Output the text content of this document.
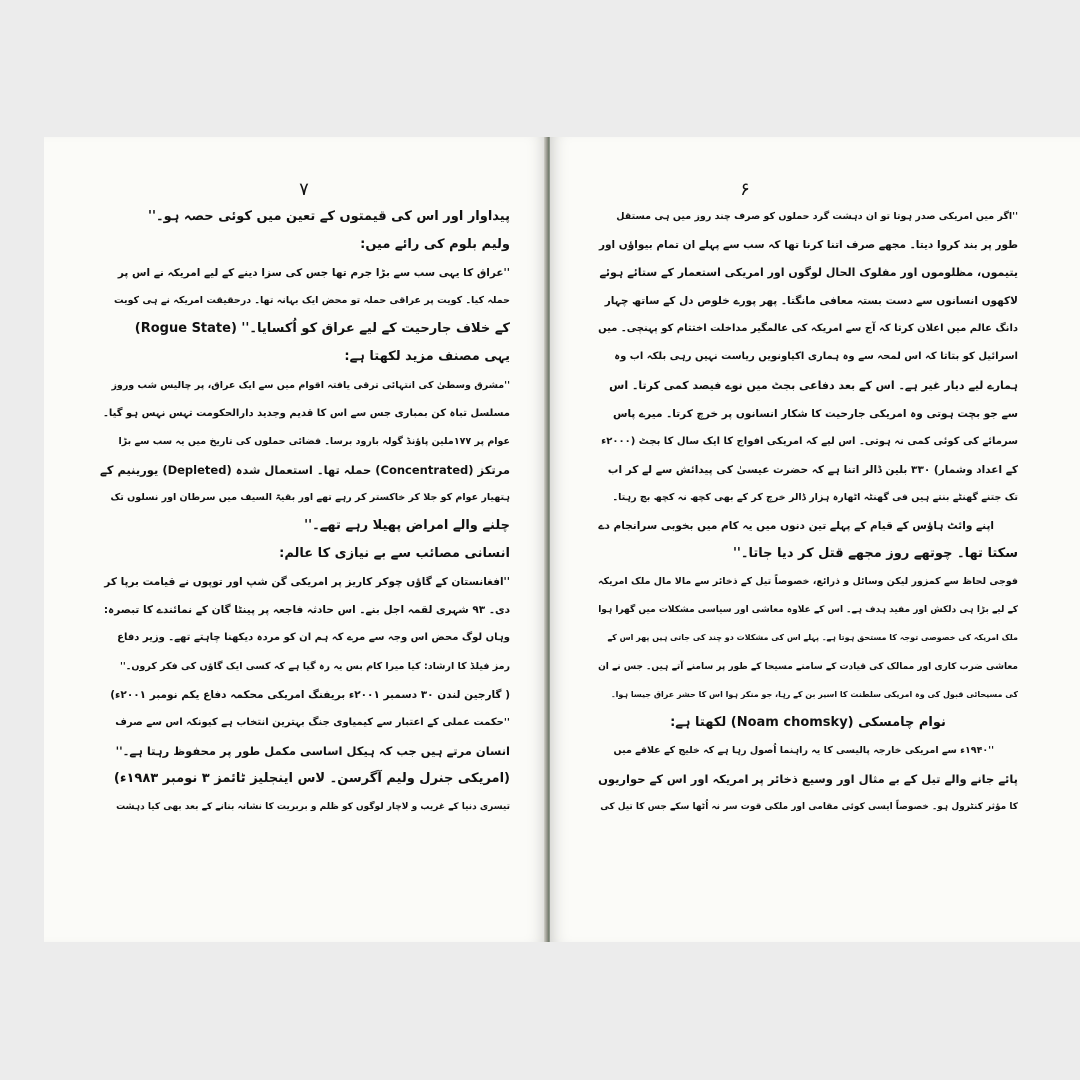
۷
پیداوار اور اس کی قیمتوں کے تعین میں کوئی حصہ ہو۔''
ولیم بلوم کی رائے میں:
''عراق کا یہی سب سے بڑا جرم تھا جس کی سزا دینے کے لیے امریکہ نے اس پر
حملہ کیا۔ کویت پر عراقی حملہ تو محض ایک بہانہ تھا۔ درحقیقت امریکہ نے ہی کویت
کے خلاف جارحیت کے لیے عراق کو اُکسایا۔'' (Rogue State)
یہی مصنف مزید لکھتا ہے:
''مشرق وسطیٰ کی انتہائی ترقی یافتہ اقوام میں سے ایک عراق، پر چالیس شب وروز
مسلسل تباہ کن بمباری جس سے اس کا قدیم وجدید دارالحکومت تہس نہس ہو گیا۔
عوام پر ۱۷۷ملین پاؤنڈ گولہ بارود برسا۔ فضائی حملوں کی تاریخ میں یہ سب سے بڑا
مرتکز (Concentrated) حملہ تھا۔ استعمال شدہ (Depleted) یورینیم کے
ہتھیار عوام کو جلا کر خاکستر کر رہے تھے اور بقیۃ السیف میں سرطان اور نسلوں تک
چلنے والے امراض پھیلا رہے تھے۔''
انسانی مصائب سے بے نیازی کا عالم:
''افغانستان کے گاؤں چوکر کاریز پر امریکی گن شپ اور توپوں نے قیامت برپا کر
دی۔ ۹۳ شہری لقمہ اجل بنے۔ اس حادثہ فاجعہ پر پینٹا گان کے نمائندے کا تبصرہ:
وہاں لوگ محض اس وجہ سے مرے کہ ہم ان کو مردہ دیکھنا چاہتے تھے۔ وزیر دفاع
رمز فیلڈ کا ارشاد: کیا میرا کام بس یہ رہ گیا ہے کہ کسی ایک گاؤں کی فکر کروں۔''
( گارجین لندن ۳۰ دسمبر ۲۰۰۱ء بریفنگ امریکی محکمہ دفاع یکم نومبر ۲۰۰۱ء)
''حکمت عملی کے اعتبار سے کیمیاوی جنگ بہترین انتخاب ہے کیونکہ اس سے صرف
انسان مرتے ہیں جب کہ ہیکل اساسی مکمل طور پر محفوظ رہتا ہے۔''
(امریکی جنرل ولیم آگرسن۔ لاس اینجلیز ٹائمز ۳ نومبر ۱۹۸۳ء)
تیسری دنیا کے غریب و لاچار لوگوں کو ظلم و بربریت کا نشانہ بنانے کے بعد بھی کیا دہشت
۶
''اگر میں امریکی صدر ہوتا تو ان دہشت گرد حملوں کو صرف چند روز میں ہی مستقل
طور پر بند کروا دیتا۔ مجھے صرف اتنا کرنا تھا کہ سب سے پہلے ان تمام بیواؤں اور
یتیموں، مظلوموں اور مفلوک الحال لوگوں اور امریکی استعمار کے ستائے ہوئے
لاکھوں انسانوں سے دست بستہ معافی مانگتا۔ پھر پورے خلوص دل کے ساتھ چہار
دانگ عالم میں اعلان کرتا کہ آج سے امریکہ کی عالمگیر مداخلت اختتام کو پہنچی۔ میں
اسرائیل کو بتاتا کہ اس لمحہ سے وہ ہماری اکیاونویں ریاست نہیں رہی بلکہ اب وہ
ہمارے لیے دیار غیر ہے۔ اس کے بعد دفاعی بجٹ میں نوے فیصد کمی کرتا۔ اس
سے جو بچت ہوتی وہ امریکی جارحیت کا شکار انسانوں پر خرچ کرتا۔ میرے پاس
سرمائے کی کوئی کمی نہ ہوتی۔ اس لیے کہ امریکی افواج کا ایک سال کا بجٹ (۲۰۰۰ء
کے اعداد وشمار) ۳۳۰ بلین ڈالر اتنا ہے کہ حضرت عیسیٰ کی پیدائش سے لے کر اب
تک جتنے گھنٹے بنتے ہیں فی گھنٹہ اٹھارہ ہزار ڈالر خرچ کر کے بھی کچھ نہ کچھ بچ رہتا۔
اپنے وائٹ ہاؤس کے قیام کے پہلے تین دنوں میں یہ کام میں بخوبی سرانجام دے
سکتا تھا۔ چوتھے روز مجھے قتل کر دیا جاتا۔''
فوجی لحاظ سے کمزور لیکن وسائل و ذرائع، خصوصاً تیل کے ذخائر سے مالا مال ملک امریکہ
کے لیے بڑا ہی دلکش اور مفید ہدف ہے۔ اس کے علاوہ معاشی اور سیاسی مشکلات میں گھرا ہوا
ملک امریکہ کی خصوصی توجہ کا مستحق ہوتا ہے۔ پہلے اس کی مشکلات دو چند کی جاتی ہیں پھر اس کے
معاشی ضرب کاری اور ممالک کی قیادت کے سامنے مسیحا کے طور پر سامنے آتے ہیں۔ جس نے ان
کی مسیحائی قبول کی وہ امریکی سلطنت کا اسیر بن کے رہا، جو منکر ہوا اس کا حشر عراق جیسا ہوا۔
نوام چامسکی (Noam chomsky) لکھتا ہے:
''۱۹۴۰ء سے امریکی خارجہ پالیسی کا یہ راہنما اُصول رہا ہے کہ خلیج کے علاقے میں
پائے جانے والے تیل کے بے مثال اور وسیع ذخائر پر امریکہ اور اس کے حواریوں
کا مؤثر کنٹرول ہو۔ خصوصاً ایسی کوئی مقامی اور ملکی قوت سر نہ اُٹھا سکے جس کا تیل کی
